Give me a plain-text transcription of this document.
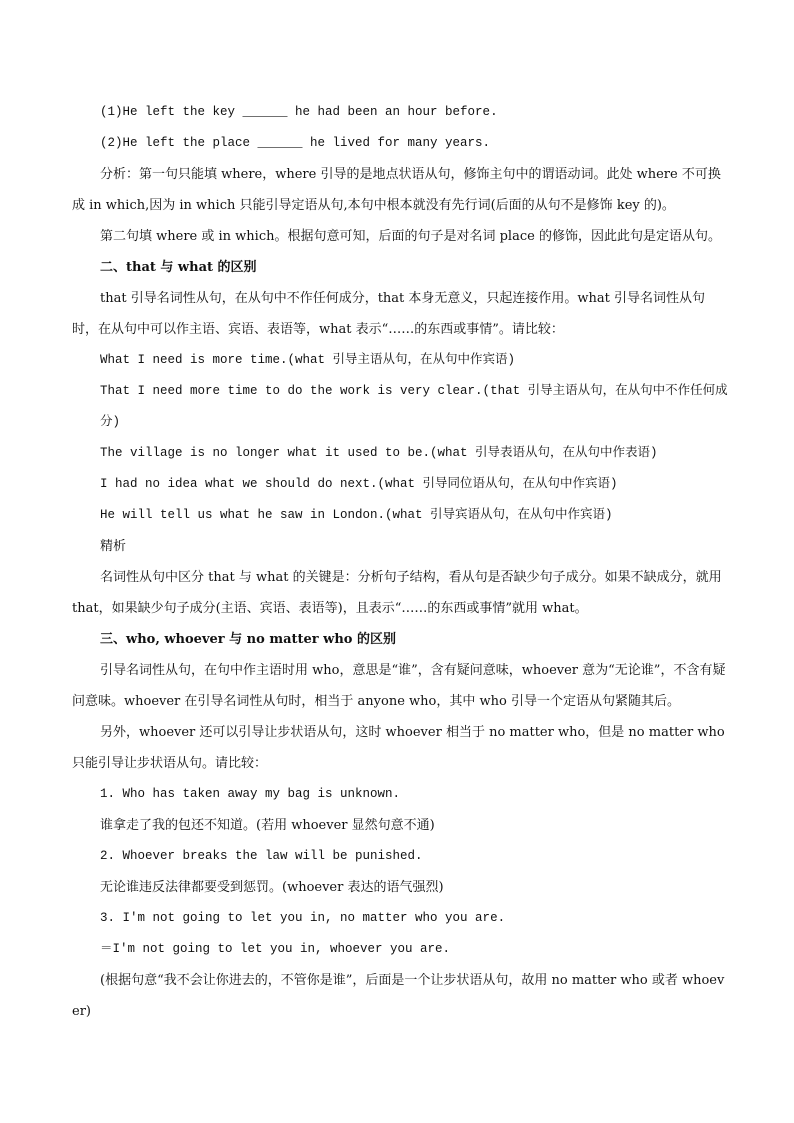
(1)He left the key ______ he had been an hour before.

(2)He left the place ______ he lived for many years.

分析：第一句只能填 where，where 引导的是地点状语从句，修饰主句中的谓语动词。此处 where 不可换成 in which,因为 in which 只能引导定语从句,本句中根本就没有先行词(后面的从句不是修饰 key 的)。

第二句填 where 或 in which。根据句意可知，后面的句子是对名词 place 的修饰，因此此句是定语从句。

二、that 与 what 的区别

that 引导名词性从句，在从句中不作任何成分，that 本身无意义，只起连接作用。what 引导名词性从句时，在从句中可以作主语、宾语、表语等，what 表示“……的东西或事情”。请比较：

What I need is more time.(what 引导主语从句，在从句中作宾语)

That I need more time to do the work is very clear.(that 引导主语从句，在从句中不作任何成分)

The village is no longer what it used to be.(what 引导表语从句，在从句中作表语)

I had no idea what we should do next.(what 引导同位语从句，在从句中作宾语)

He will tell us what he saw in London.(what 引导宾语从句，在从句中作宾语)

精析

名词性从句中区分 that 与 what 的关键是：分析句子结构，看从句是否缺少句子成分。如果不缺成分，就用 that，如果缺少句子成分(主语、宾语、表语等)，且表示“……的东西或事情”就用 what。

三、who, whoever 与 no matter who 的区别

引导名词性从句，在句中作主语时用 who，意思是“谁”，含有疑问意味，whoever 意为“无论谁”，不含有疑问意味。whoever 在引导名词性从句时，相当于 anyone who，其中 who 引导一个定语从句紧随其后。

另外，whoever 还可以引导让步状语从句，这时 whoever 相当于 no matter who，但是 no matter who 只能引导让步状语从句。请比较：

1. Who has taken away my bag is unknown.

谁拿走了我的包还不知道。(若用 whoever 显然句意不通)

2. Whoever breaks the law will be punished.

无论谁违反法律都要受到惩罚。(whoever 表达的语气强烈)

3. I'm not going to let you in, no matter who you are.

＝I'm not going to let you in, whoever you are.

(根据句意“我不会让你进去的，不管你是谁”，后面是一个让步状语从句，故用 no matter who 或者 whoever)
